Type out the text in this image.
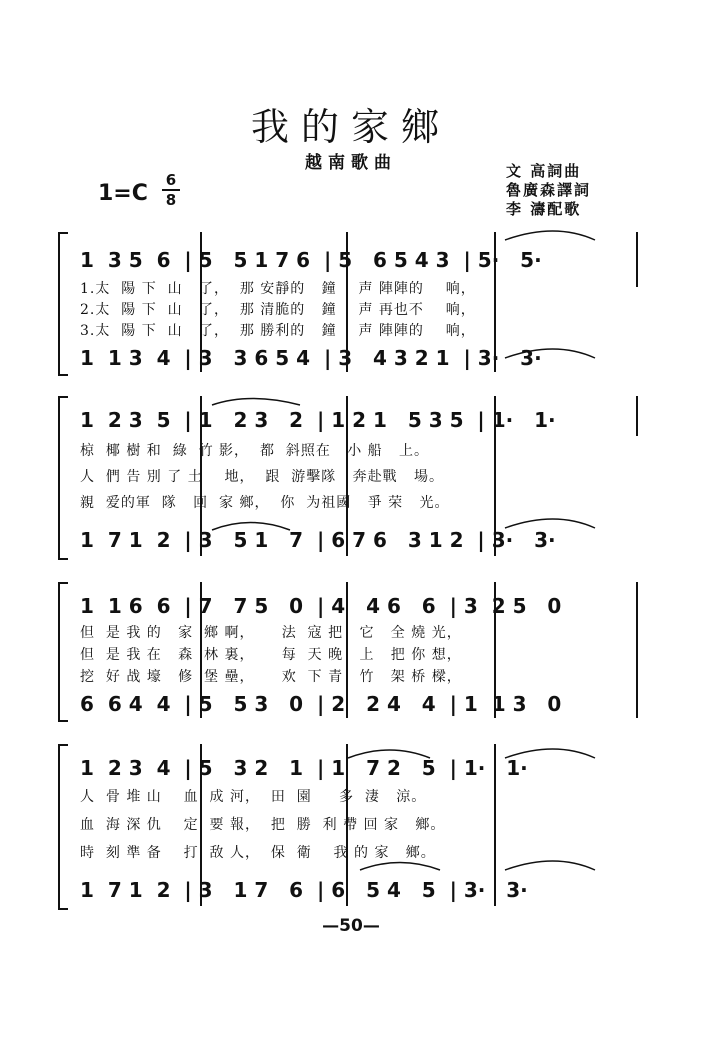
我的家鄉
越南歌曲	文 高詞曲
魯廣森譯詞
李 濤配歌
1=C
6
8
1  3 5  6  | 5   5 1 7 6  | 5   6 5 4 3  | 5·   5·
1.太  陽 下  山   了，  那 安靜的   鐘    声 陣陣的    响，
2.太  陽 下  山   了，  那 清脆的   鐘    声 再也不    响，
3.太  陽 下  山   了，  那 勝利的   鐘    声 陣陣的    响，
1  1 3  4  | 3   3 6 5 4  | 3   4 3 2 1  | 3·   3·
1  2 3  5  | 1   2 3   2  | 1 2 1   5 3 5  | 1·   1·
椋  椰 樹 和  綠  竹 影，  都  斜照在   小 船   上。
人  們 告 別 了 土    地，  跟  游擊隊   奔赴戰   場。
親  爱的軍  隊   回  家 鄉，  你  为祖國   爭 荣   光。
1  7 1  2  | 3   5 1   7  | 6 7 6   3 1 2  | 3·   3·
1  1 6  6  | 7   7 5   0  | 4   4 6   6  | 3  2 5   0
但  是 我 的   家  鄉 啊，     法  寇 把   它   全 燒 光，
但  是 我 在   森  林 裏，     每  天 晚   上   把 你 想，
挖  好 战 壕   修  堡 壘，     欢  下 青   竹   架 桥 樑，
6  6 4  4  | 5   5 3   0  | 2   2 4   4  | 1  1 3   0
1  2 3  4  | 5   3 2   1  | 1   7 2   5  | 1·   1·
人  骨 堆 山    血  成 河，  田  園     多  淒   涼。
血  海 深 仇    定  要 報，  把  勝  利 帶 回 家   鄉。
時  刻 準 备    打  敌 人，  保  衛    我 的 家   鄉。
1  7 1  2  | 3   1 7   6  | 6   5 4   5  | 3·   3·
—50—
